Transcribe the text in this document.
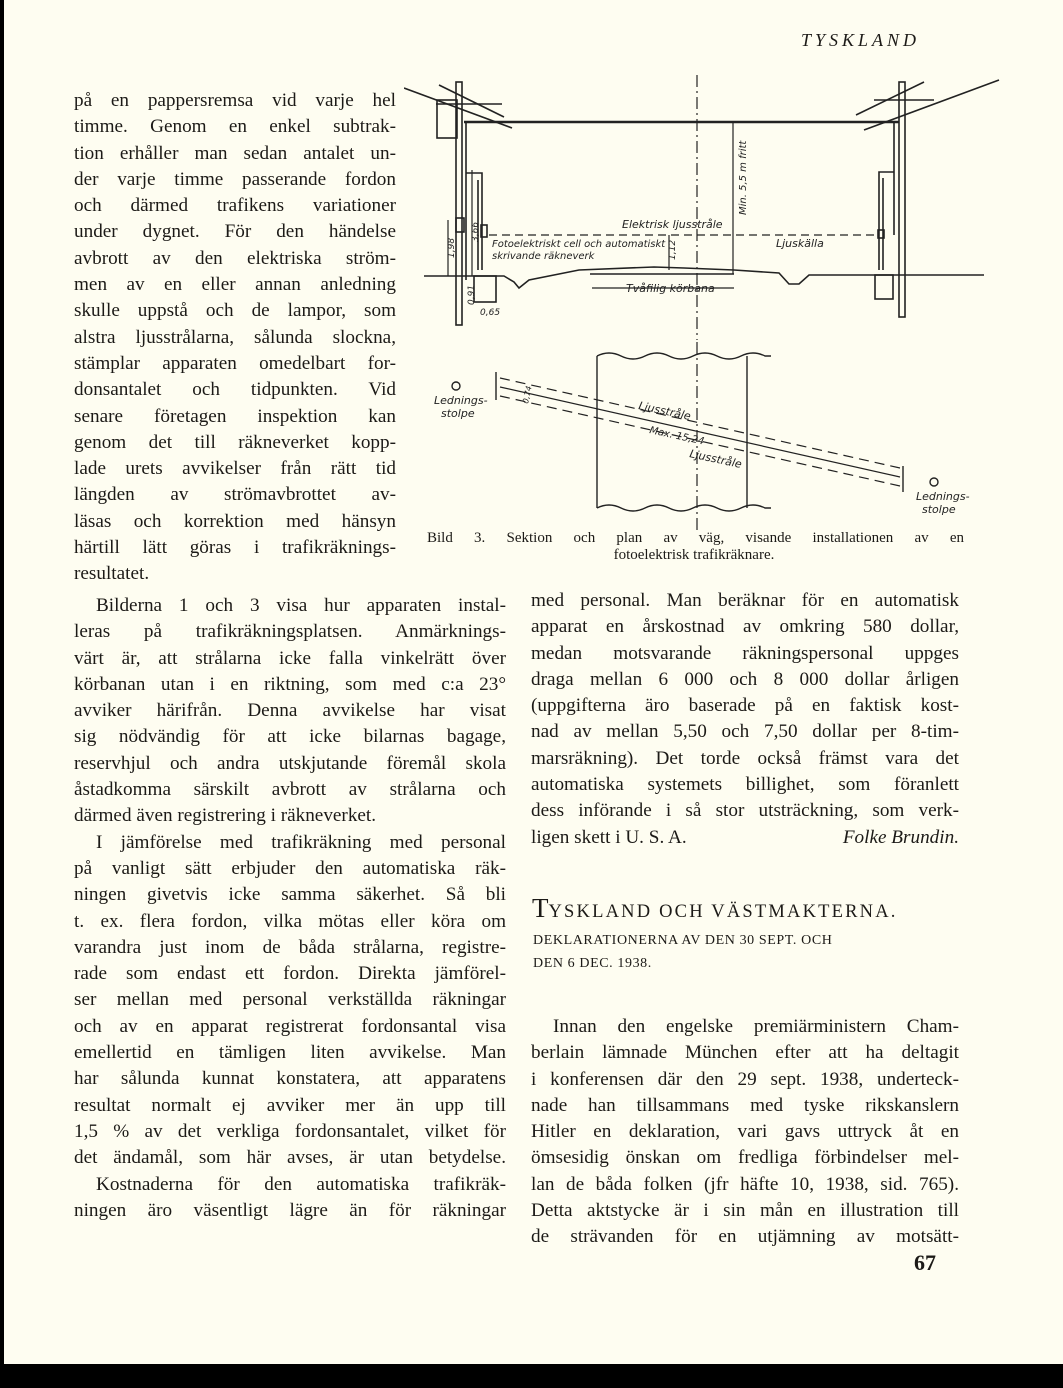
TYSKLAND
på en pappersremsa vid varje hel
timme. Genom en enkel subtrak-
tion erhåller man sedan antalet un-
der varje timme passerande fordon
och därmed trafikens variationer
under dygnet. För den händelse
avbrott av den elektriska ström-
men av en eller annan anledning
skulle uppstå och de lampor, som
alstra ljusstrålarna, sålunda slockna,
stämplar apparaten omedelbart for-
donsantalet och tidpunkten. Vid
senare företagen inspektion kan
genom det till räkneverket kopp-
lade urets avvikelser från rätt tid
längden av strömavbrottet av-
läsas och korrektion med hänsyn
härtill lätt göras i trafikräknings-
resultatet.
Elektrisk ljusstråle
Fotoelektriskt cell och automatiskt
skrivande räkneverk
Ljuskälla
Tvåfilig körbana
Min. 5,5 m fritt
1,98
3,66
1,12
0,91
0,65
Lednings-
stolpe
Lednings-
stolpe
Ljusstråle
Max. 15,24
Ljusstråle
0,74
Bild 3. Sektion och plan av väg, visande installationen av en
fotoelektrisk trafikräknare.
Bilderna 1 och 3 visa hur apparaten instal-
leras på trafikräkningsplatsen. Anmärknings-
värt är, att strålarna icke falla vinkelrätt över
körbanan utan i en riktning, som med c:a 23°
avviker härifrån. Denna avvikelse har visat
sig nödvändig för att icke bilarnas bagage,
reservhjul och andra utskjutande föremål skola
åstadkomma särskilt avbrott av strålarna och
därmed även registrering i räkneverket.
I jämförelse med trafikräkning med personal
på vanligt sätt erbjuder den automatiska räk-
ningen givetvis icke samma säkerhet. Så bli
t. ex. flera fordon, vilka mötas eller köra om
varandra just inom de båda strålarna, registre-
rade som endast ett fordon. Direkta jämförel-
ser mellan med personal verkställda räkningar
och av en apparat registrerat fordonsantal visa
emellertid en tämligen liten avvikelse. Man
har sålunda kunnat konstatera, att apparatens
resultat normalt ej avviker mer än upp till
1,5 % av det verkliga fordonsantalet, vilket för
det ändamål, som här avses, är utan betydelse.
Kostnaderna för den automatiska trafikräk-
ningen äro väsentligt lägre än för räkningar
med personal. Man beräknar för en automatisk
apparat en årskostnad av omkring 580 dollar,
medan motsvarande räkningspersonal uppges
draga mellan 6 000 och 8 000 dollar årligen
(uppgifterna äro baserade på en faktisk kost-
nad av mellan 5,50 och 7,50 dollar per 8-tim-
marsräkning). Det torde också främst vara det
automatiska systemets billighet, som föranlett
dess införande i så stor utsträckning, som verk-
ligen skett i U. S. A.	Folke Brundin.
TYSKLAND OCH VÄSTMAKTERNA.
DEKLARATIONERNA AV DEN 30 SEPT. OCH
DEN 6 DEC. 1938.
Innan den engelske premiärministern Cham-
berlain lämnade München efter att ha deltagit
i konferensen där den 29 sept. 1938, underteck-
nade han tillsammans med tyske rikskanslern
Hitler en deklaration, vari gavs uttryck åt en
ömsesidig önskan om fredliga förbindelser mel-
lan de båda folken (jfr häfte 10, 1938, sid. 765).
Detta aktstycke är i sin mån en illustration till
de strävanden för en utjämning av motsätt-
67
